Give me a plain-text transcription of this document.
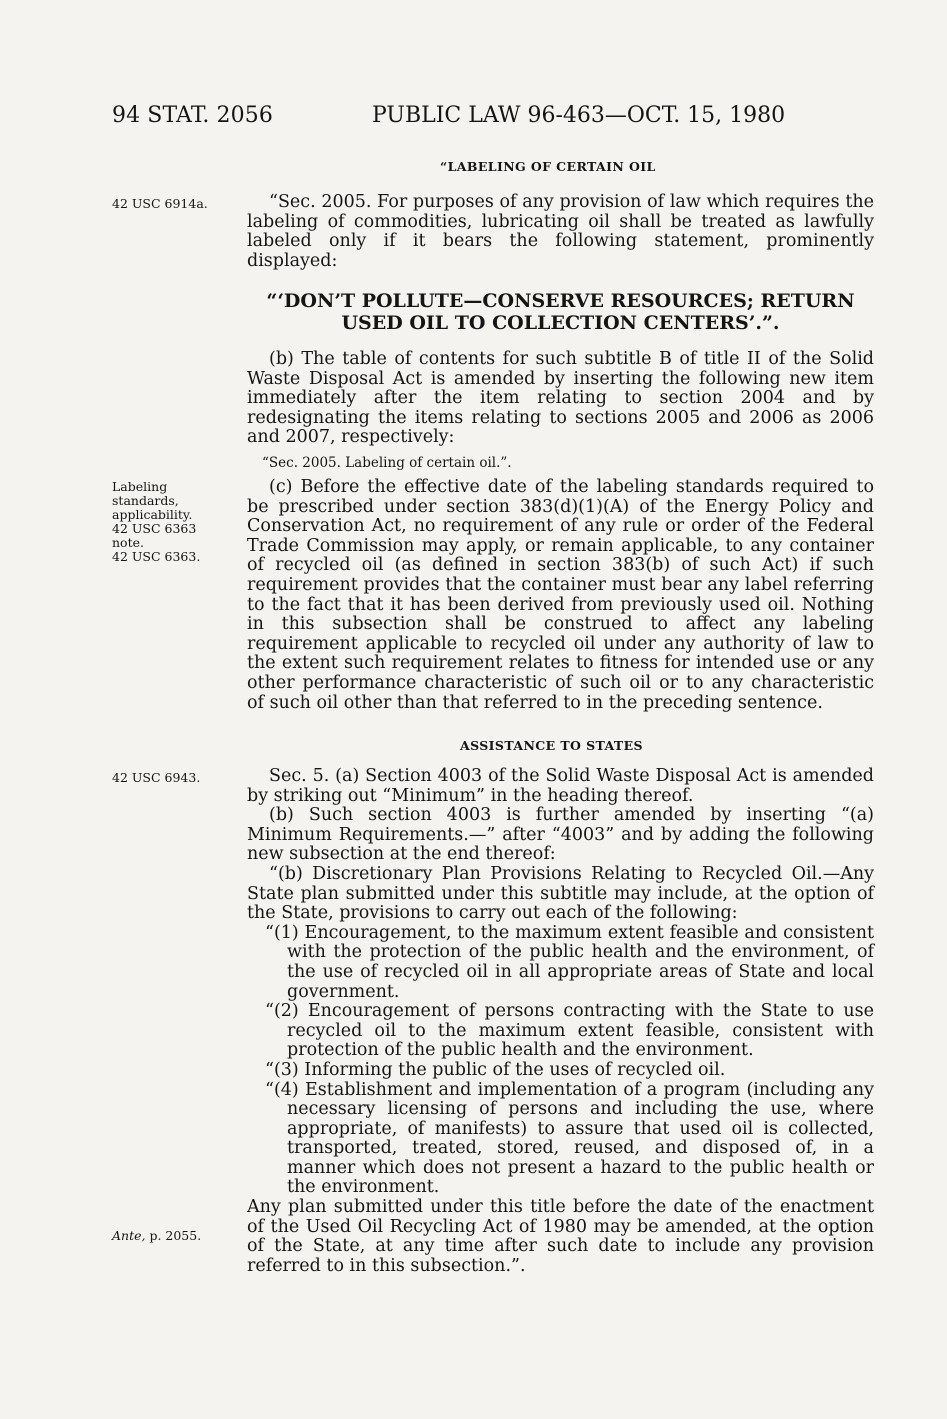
94 STAT. 2056	PUBLIC LAW 96-463—OCT. 15, 1980
“LABELING OF CERTAIN OIL
42 USC 6914a.	“Sec. 2005. For purposes of any provision of law which requires the labeling of commodities, lubricating oil shall be treated as lawfully labeled only if it bears the following statement, prominently displayed:

“‘DON’T POLLUTE—CONSERVE RESOURCES; RETURN USED OIL TO COLLECTION CENTERS’.”.

(b) The table of contents for such subtitle B of title II of the Solid Waste Disposal Act is amended by inserting the following new item immediately after the item relating to section 2004 and by redesignating the items relating to sections 2005 and 2006 as 2006 and 2007, respectively:

“Sec. 2005. Labeling of certain oil.”.
Labeling
standards,
applicability.
42 USC 6363
note.
42 USC 6363.

(c) Before the effective date of the labeling standards required to be prescribed under section 383(d)(1)(A) of the Energy Policy and Conservation Act, no requirement of any rule or order of the Federal Trade Commission may apply, or remain applicable, to any container of recycled oil (as defined in section 383(b) of such Act) if such requirement provides that the container must bear any label referring to the fact that it has been derived from previously used oil. Nothing in this subsection shall be construed to affect any labeling requirement applicable to recycled oil under any authority of law to the extent such requirement relates to fitness for intended use or any other performance characteristic of such oil or to any characteristic of such oil other than that referred to in the preceding sentence.

ASSISTANCE TO STATES
42 USC 6943.	Sec. 5. (a) Section 4003 of the Solid Waste Disposal Act is amended by striking out “Minimum” in the heading thereof.

(b) Such section 4003 is further amended by inserting “(a) Minimum Requirements.—” after “4003” and by adding the following new subsection at the end thereof:

“(b) Discretionary Plan Provisions Relating to Recycled Oil.—Any State plan submitted under this subtitle may include, at the option of the State, provisions to carry out each of the following:

“(1) Encouragement, to the maximum extent feasible and consistent with the protection of the public health and the environment, of the use of recycled oil in all appropriate areas of State and local government.

“(2) Encouragement of persons contracting with the State to use recycled oil to the maximum extent feasible, consistent with protection of the public health and the environment.

“(3) Informing the public of the uses of recycled oil.

“(4) Establishment and implementation of a program (including any necessary licensing of persons and including the use, where appropriate, of manifests) to assure that used oil is collected, transported, treated, stored, reused, and disposed of, in a manner which does not present a hazard to the public health or the environment.

Any plan submitted under this title before the date of the enactment of the Used Oil Recycling Act of 1980 may be amended, at the option of the State, at any time after such date to include any provision referred to in this subsection.”.

Ante, p. 2055.
